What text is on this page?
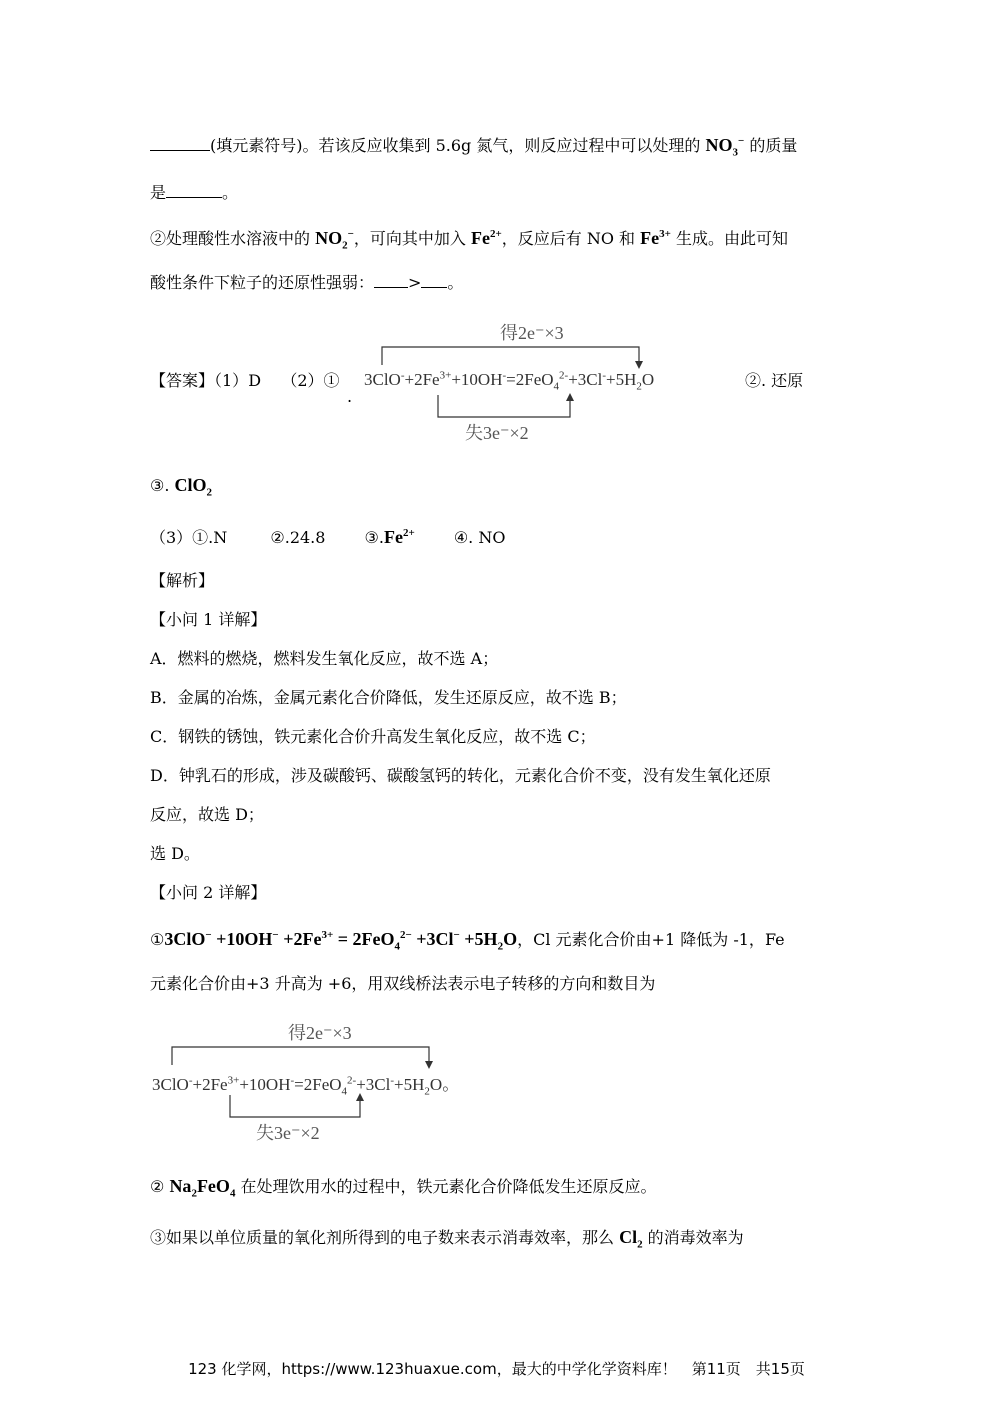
(填元素符号)。若该反应收集到 5.6g 氮气，则反应过程中可以处理的 $NO_3^-$ 的质量
是	。
②处理酸性水溶液中的 $NO_2^-$，可向其中加入 $Fe^{2+}$，反应后有 NO 和 $Fe^{3+}$ 生成。由此可知
酸性条件下粒子的还原性强弱： > 。
【答案】（1）D （2）①
.
②. 还原
得2e⁻×3
失3e⁻×2
$3ClO^-+2Fe^{3+}+10OH^-=2FeO_4^{2-}+3Cl^-+5H_2O$
③. ClO$_2$
（3）①.N	②.24.8 $③.Fe^{2+}$ ④. NO
【解析】
【小问 1 详解】
A．燃料的燃烧，燃料发生氧化反应，故不选 A；
B．金属的冶炼，金属元素化合价降低，发生还原反应，故不选 B；
C．钢铁的锈蚀，铁元素化合价升高发生氧化反应，故不选 C；
D．钟乳石的形成，涉及碳酸钙、碳酸氢钙的转化，元素化合价不变，没有发生氧化还原
反应，故选 D；
选 D。
【小问 2 详解】
①3ClO− $+10OH^- +2Fe^{3+} = 2FeO_4^{2-} +3Cl^- +5H_2O$，Cl 元素化合价由+1 降低为 -1，Fe
元素化合价由+3 升高为 +6，用双线桥法表示电子转移的方向和数目为
得2e⁻×3
失3e⁻×2
$3ClO^-+2Fe^{3+}+10OH^-=2FeO_4^{2-}+3Cl^-+5H_2O$。
② $Na_2FeO_4$ 在处理饮用水的过程中，铁元素化合价降低发生还原反应。
③如果以单位质量的氧化剂所得到的电子数来表示消毒效率，那么 $Cl_2$ 的消毒效率为
123 化学网，https://www.123huaxue.com，最大的中学化学资料库！　第11页　共15页
